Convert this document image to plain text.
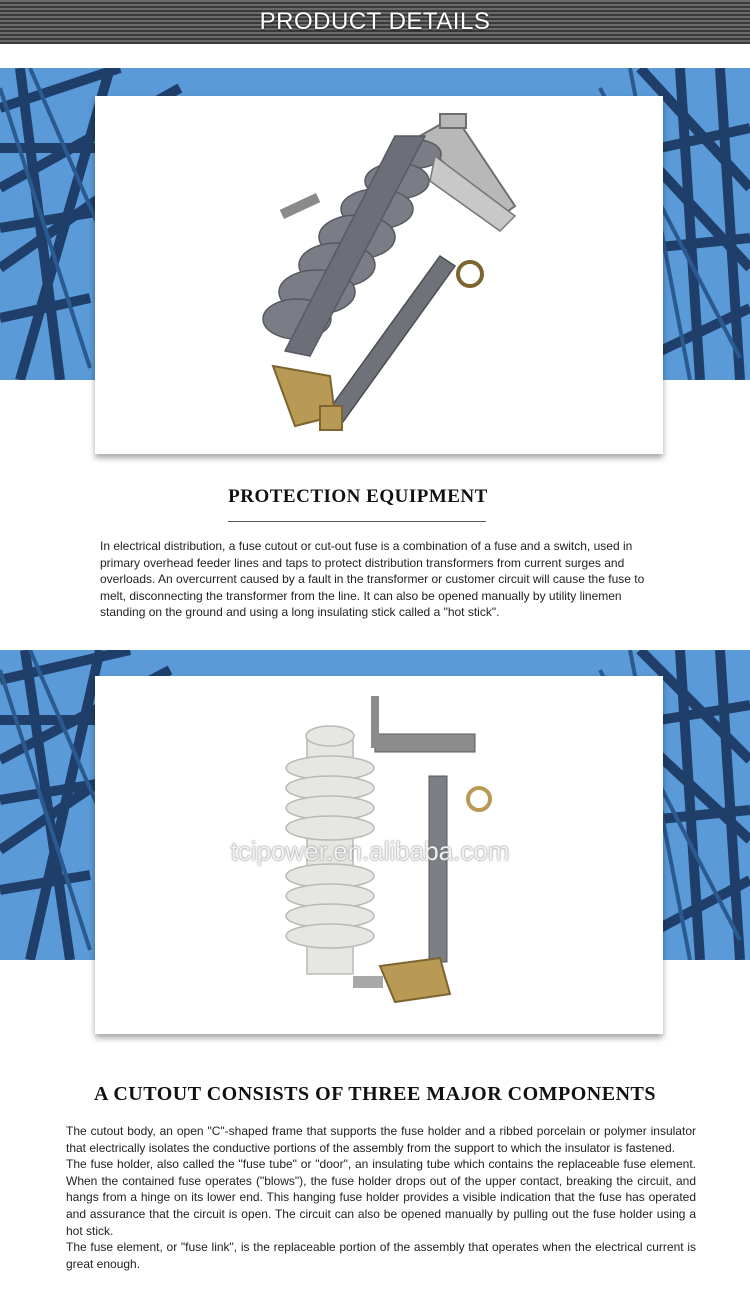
PRODUCT DETAILS
PROTECTION EQUIPMENT
In electrical distribution, a fuse cutout or cut-out fuse is a combination of a fuse and a switch, used in primary overhead feeder lines and taps to protect distribution transformers from current surges and overloads. An overcurrent caused by a fault in the transformer or customer circuit will cause the fuse to melt, disconnecting the transformer from the line. It can also be opened manually by utility linemen standing on the ground and using a long insulating stick called a "hot stick".
tcipower.en.alibaba.com
A CUTOUT CONSISTS OF THREE MAJOR COMPONENTS
The cutout body, an open "C"-shaped frame that supports the fuse holder and a ribbed porcelain or polymer insulator that electrically isolates the conductive portions of the assembly from the support to which the insulator is fastened.
The fuse holder, also called the "fuse tube" or "door", an insulating tube which contains the replaceable fuse element. When the contained fuse operates ("blows"), the fuse holder drops out of the upper contact, breaking the circuit, and hangs from a hinge on its lower end. This hanging fuse holder provides a visible indication that the fuse has operated and assurance that the circuit is open. The circuit can also be opened manually by pulling out the fuse holder using a hot stick.
The fuse element, or "fuse link", is the replaceable portion of the assembly that operates when the electrical current is great enough.
